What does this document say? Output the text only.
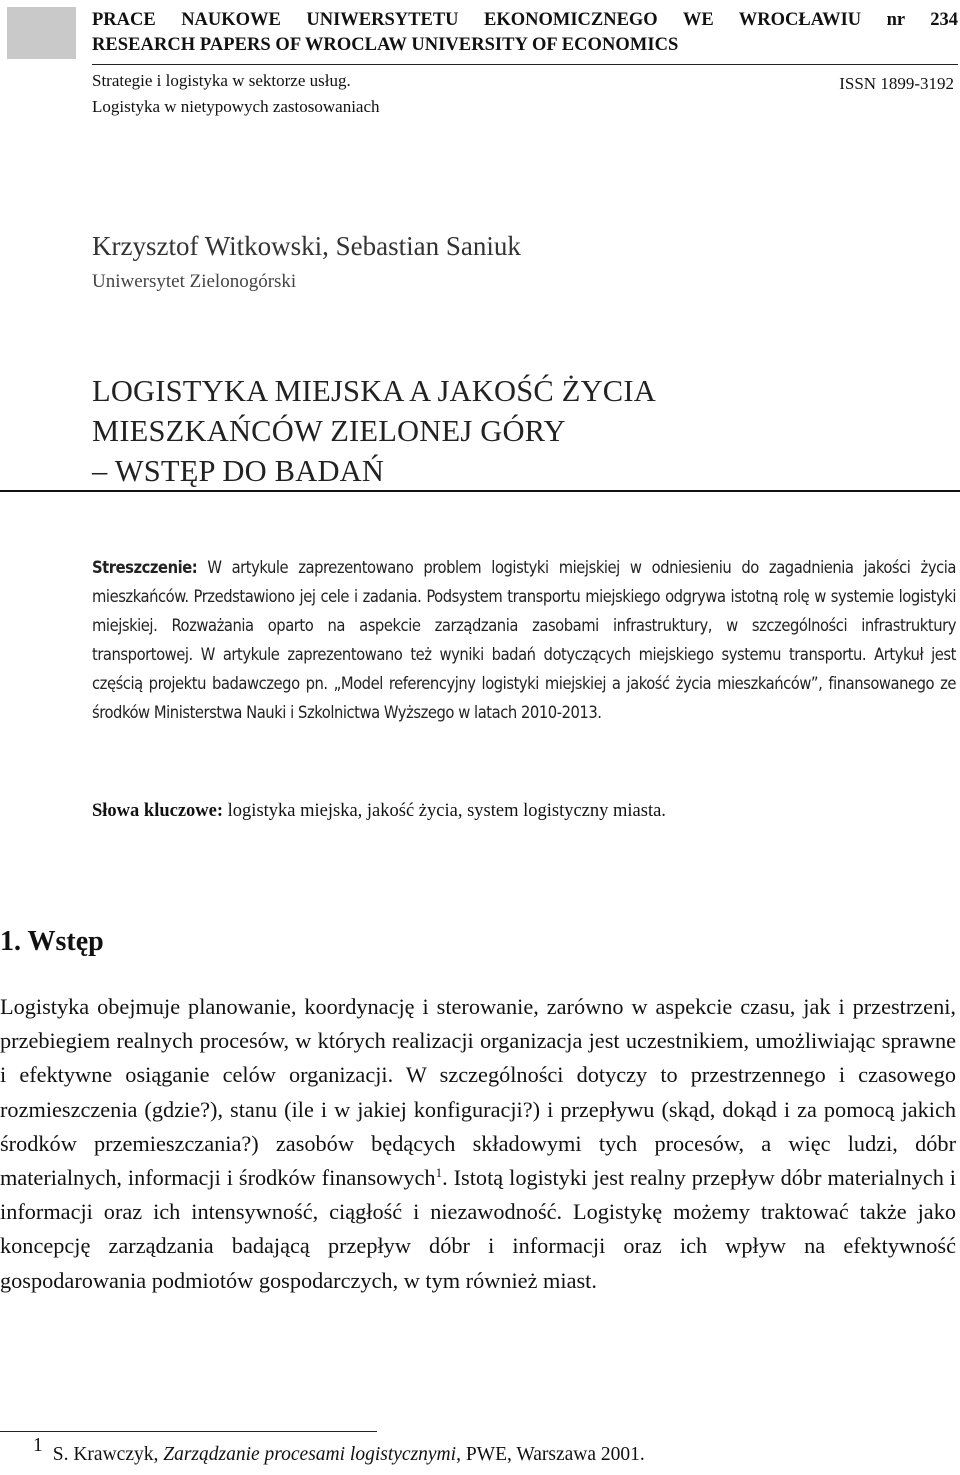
PRACE NAUKOWE UNIWERSYTETU EKONOMICZNEGO WE WROCŁAWIU nr 234
RESEARCH PAPERS OF WROCLAW UNIVERSITY OF ECONOMICS
Strategie i logistyka w sektorze usług.
Logistyka w nietypowych zastosowaniach
ISSN 1899-3192
Krzysztof Witkowski, Sebastian Saniuk
Uniwersytet Zielonogórski
LOGISTYKA MIEJSKA A JAKOŚĆ ŻYCIA
MIESZKAŃCÓW ZIELONEJ GÓRY
– WSTĘP DO BADAŃ
Streszczenie: W artykule zaprezentowano problem logistyki miejskiej w odniesieniu do zagadnienia jakości życia mieszkańców. Przedstawiono jej cele i zadania. Podsystem transportu miejskiego odgrywa istotną rolę w systemie logistyki miejskiej. Rozważania oparto na aspekcie zarządzania zasobami infrastruktury, w szczególności infrastruktury transportowej. W artykule zaprezentowano też wyniki badań dotyczących miejskiego systemu transportu. Artykuł jest częścią projektu badawczego pn. „Model referencyjny logistyki miejskiej a jakość życia mieszkańców”, finansowanego ze środków Ministerstwa Nauki i Szkolnictwa Wyższego w latach 2010-2013.
Słowa kluczowe: logistyka miejska, jakość życia, system logistyczny miasta.
1. Wstęp
Logistyka obejmuje planowanie, koordynację i sterowanie, zarówno w aspekcie czasu, jak i przestrzeni, przebiegiem realnych procesów, w których realizacji organizacja jest uczestnikiem, umożliwiając sprawne i efektywne osiąganie celów organizacji. W szczególności dotyczy to przestrzennego i czasowego rozmieszczenia (gdzie?), stanu (ile i w jakiej konfiguracji?) i przepływu (skąd, dokąd i za pomocą jakich środków przemieszczania?) zasobów będących składowymi tych procesów, a więc ludzi, dóbr materialnych, informacji i środków finansowych$^1$. Istotą logistyki jest realny przepływ dóbr materialnych i informacji oraz ich intensywność, ciągłość i niezawodność. Logistykę możemy traktować także jako koncepcję zarządzania badającą przepływ dóbr i informacji oraz ich wpływ na efektywność gospodarowania podmiotów gospodarczych, w tym również miast.
1 S. Krawczyk, Zarządzanie procesami logistycznymi, PWE, Warszawa 2001.
